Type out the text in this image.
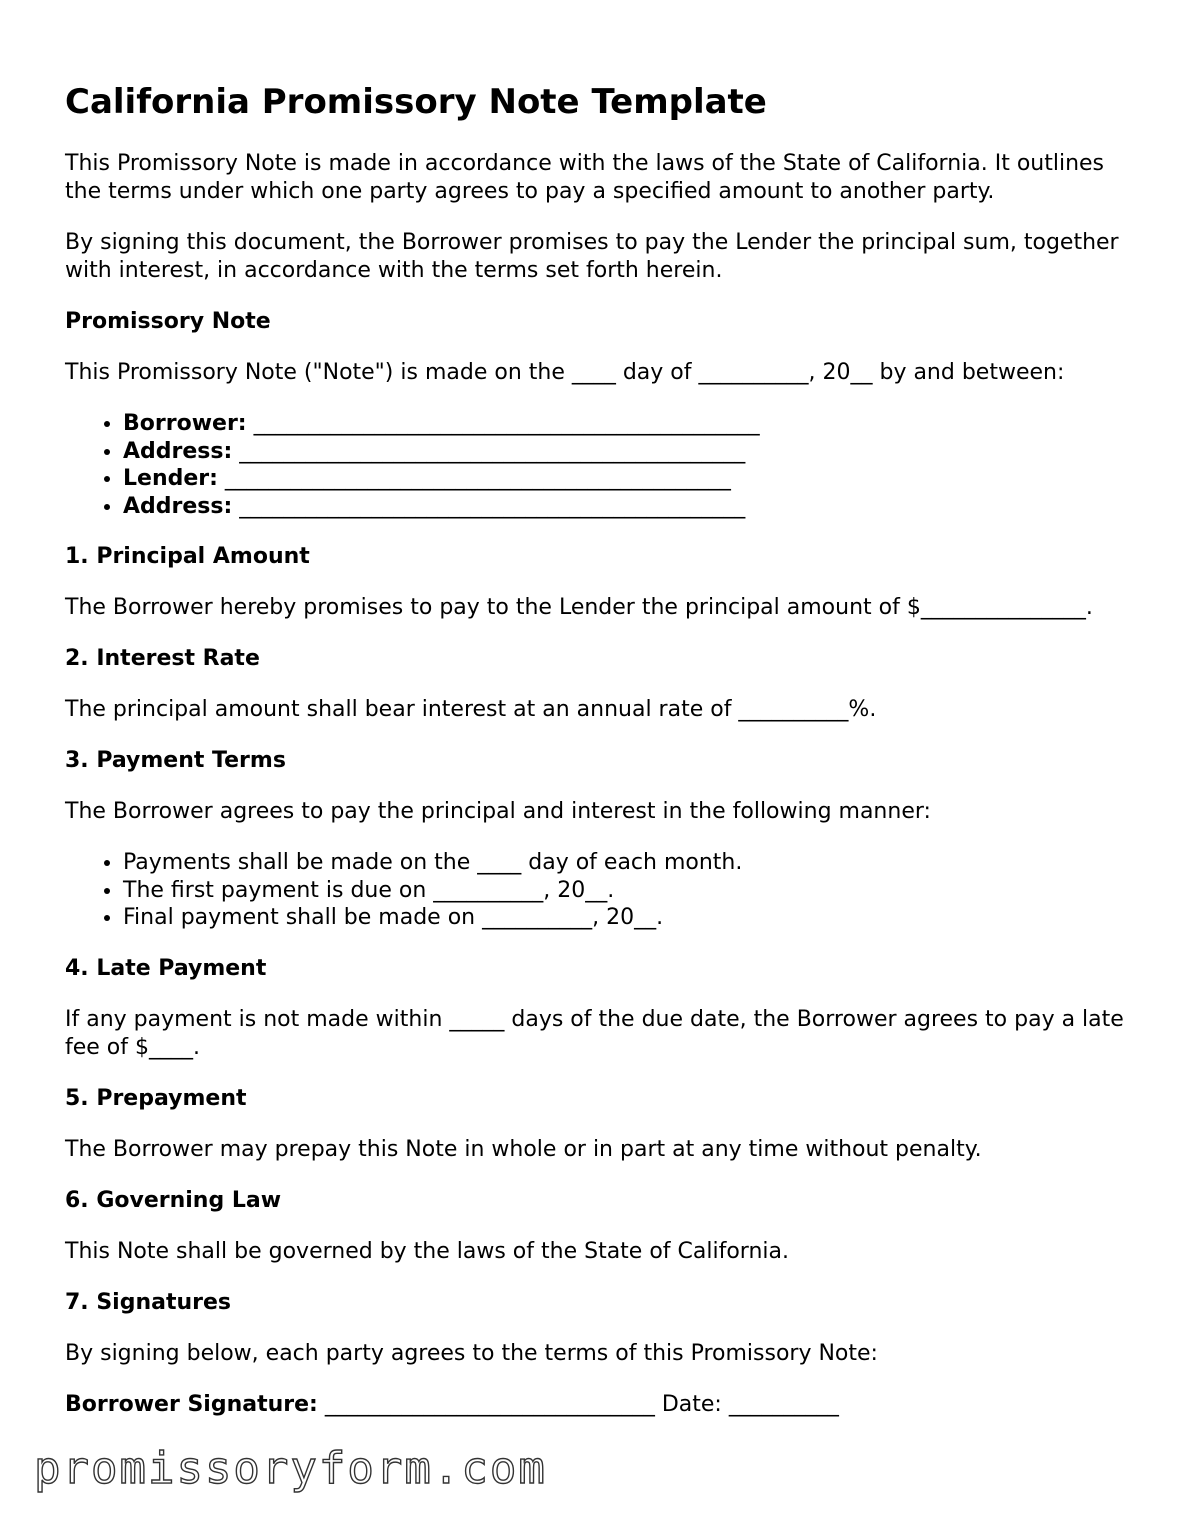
California Promissory Note Template

This Promissory Note is made in accordance with the laws of the State of California. It outlines the terms under which one party agrees to pay a specified amount to another party.

By signing this document, the Borrower promises to pay the Lender the principal sum, together with interest, in accordance with the terms set forth herein.

Promissory Note

This Promissory Note ("Note") is made on the ____ day of __________, 20__ by and between:

• Borrower: ______________________________________________
• Address: ______________________________________________
• Lender: ______________________________________________
• Address: ______________________________________________
1. Principal Amount

The Borrower hereby promises to pay to the Lender the principal amount of $_______________.

2. Interest Rate

The principal amount shall bear interest at an annual rate of __________%.

3. Payment Terms

The Borrower agrees to pay the principal and interest in the following manner:

• Payments shall be made on the ____ day of each month.
• The first payment is due on __________, 20__.
• Final payment shall be made on __________, 20__.
4. Late Payment

If any payment is not made within _____ days of the due date, the Borrower agrees to pay a late fee of $____.

5. Prepayment

The Borrower may prepay this Note in whole or in part at any time without penalty.

6. Governing Law

This Note shall be governed by the laws of the State of California.

7. Signatures

By signing below, each party agrees to the terms of this Promissory Note:

Borrower Signature: ______________________________ Date: __________
promissoryform.com
